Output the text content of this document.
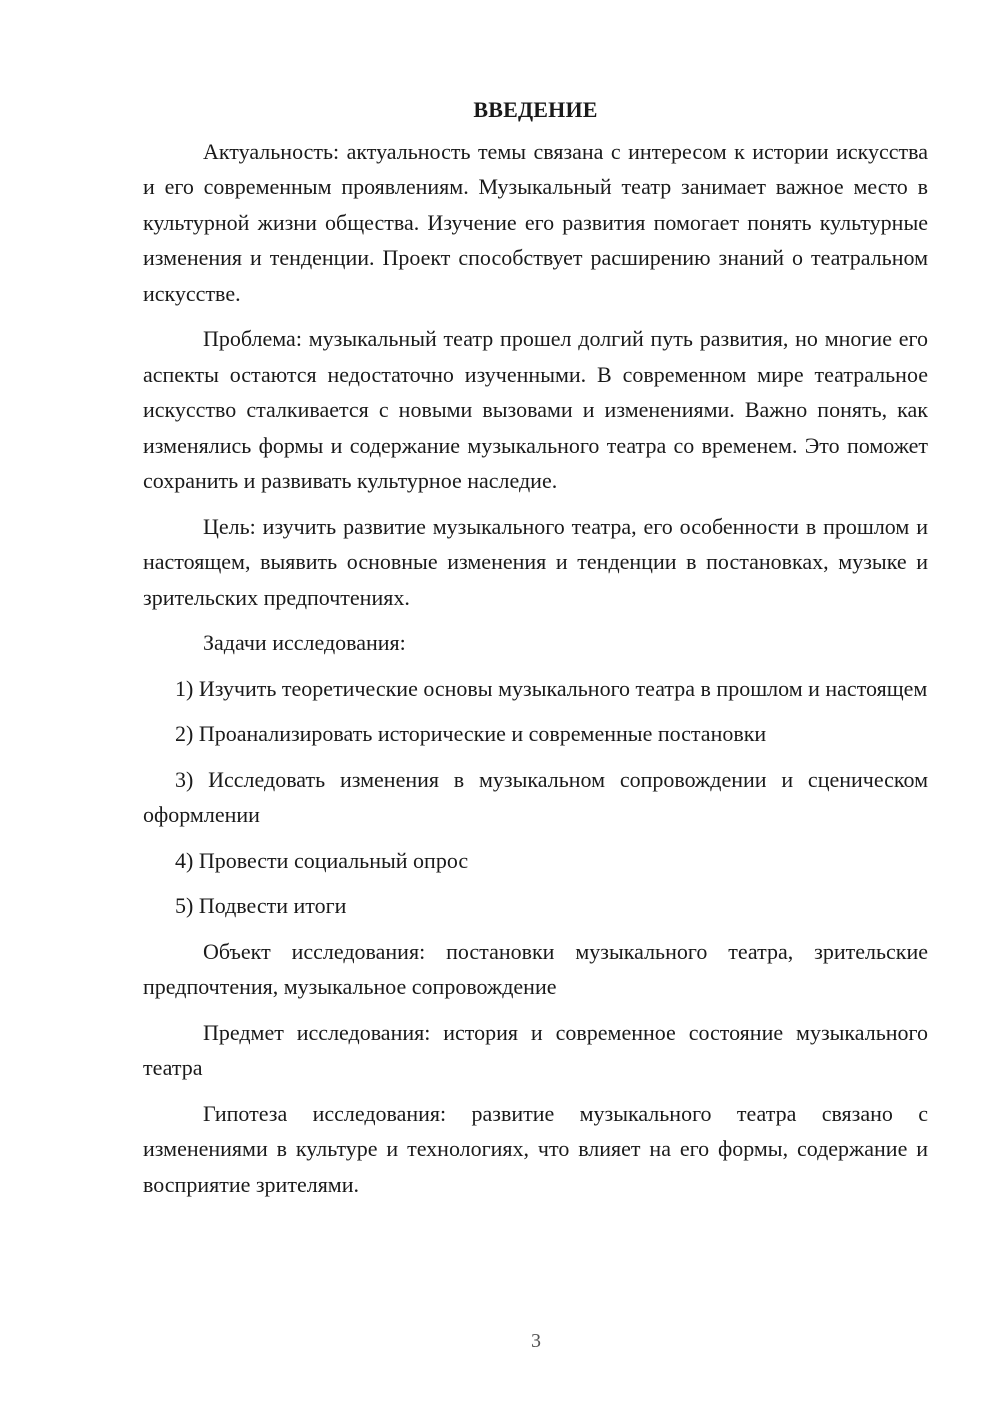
ВВЕДЕНИЕ

Актуальность: актуальность темы связана с интересом к истории искусства и его современным проявлениям. Музыкальный театр занимает важное место в культурной жизни общества. Изучение его развития помогает понять культурные изменения и тенденции. Проект способствует расширению знаний о театральном искусстве.

Проблема: музыкальный театр прошел долгий путь развития, но многие его аспекты остаются недостаточно изученными. В современном мире театральное искусство сталкивается с новыми вызовами и изменениями. Важно понять, как изменялись формы и содержание музыкального театра со временем. Это поможет сохранить и развивать культурное наследие.

Цель: изучить развитие музыкального театра, его особенности в прошлом и настоящем, выявить основные изменения и тенденции в постановках, музыке и зрительских предпочтениях.

Задачи исследования:

1) Изучить теоретические основы музыкального театра в прошлом и настоящем

2) Проанализировать исторические и современные постановки

3) Исследовать изменения в музыкальном сопровождении и сценическом оформлении

4) Провести социальный опрос

5) Подвести итоги

Объект исследования: постановки музыкального театра, зрительские предпочтения, музыкальное сопровождение

Предмет исследования: история и современное состояние музыкального театра

Гипотеза исследования: развитие музыкального театра связано с изменениями в культуре и технологиях, что влияет на его формы, содержание и восприятие зрителями.

3
